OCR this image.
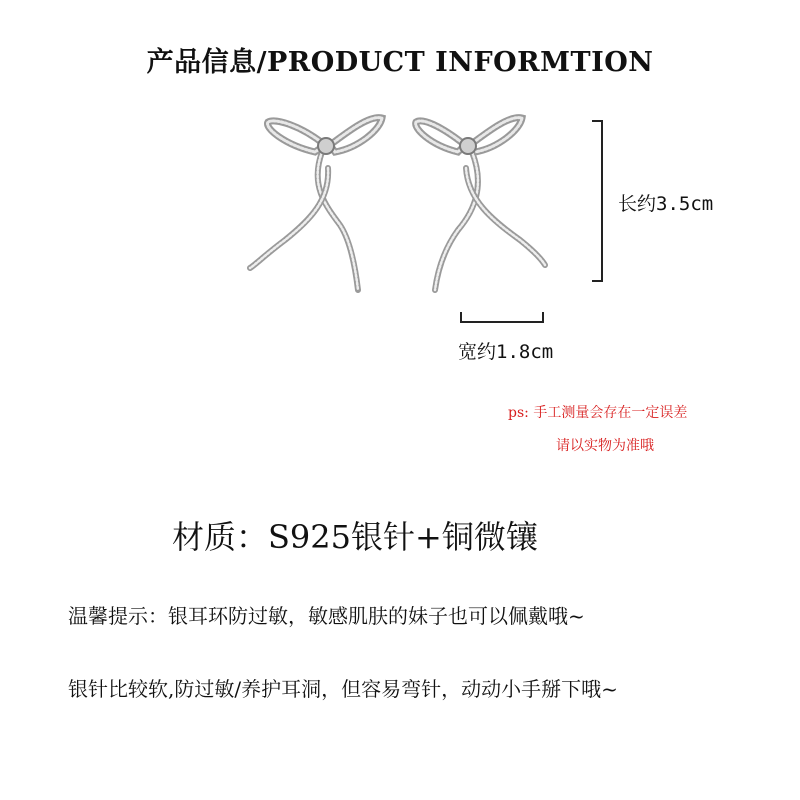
产品信息/PRODUCT INFORMTION
长约3.5cm
宽约1.8cm
ps: 手工测量会存在一定误差
请以实物为准哦
材质：S925银针+铜微镶
温馨提示：银耳环防过敏，敏感肌肤的妹子也可以佩戴哦~
银针比较软,防过敏/养护耳洞，但容易弯针，动动小手掰下哦~
